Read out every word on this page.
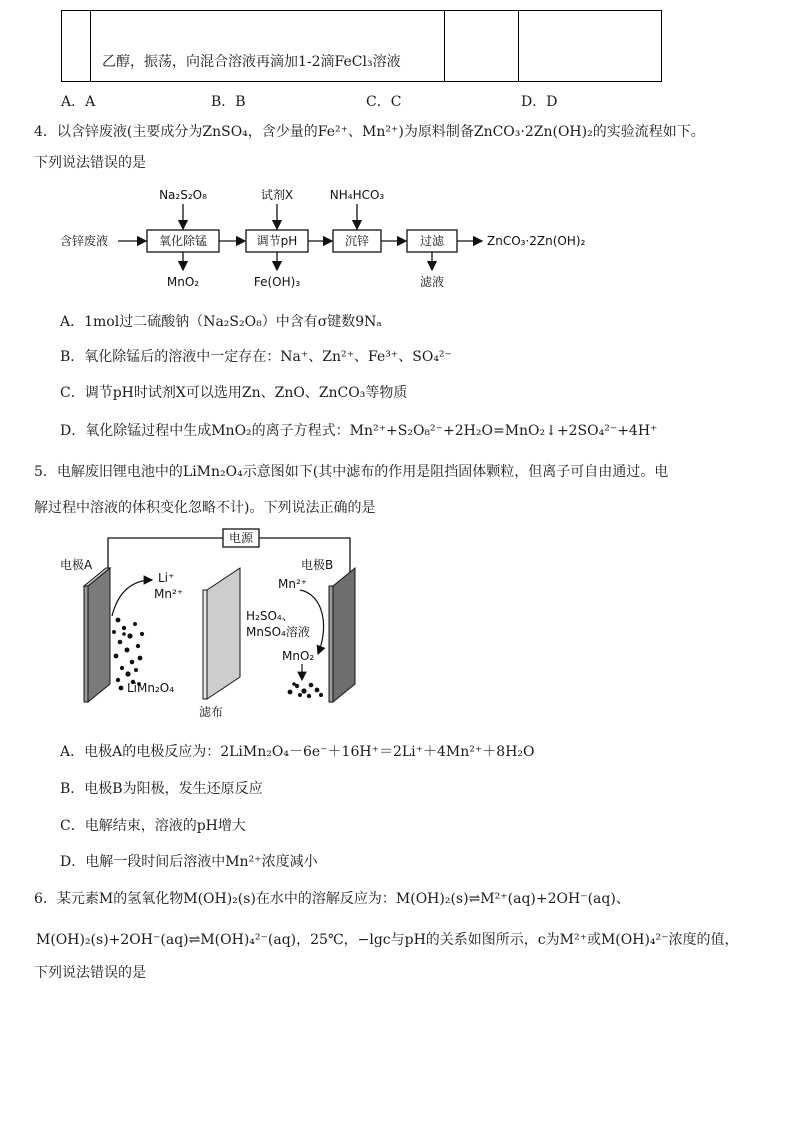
乙醇，振荡，向混合溶液再滴加1-2滴FeCl₃溶液
A．A	B．B	C．C	D．D
4．以含锌废液(主要成分为ZnSO₄，含少量的Fe²⁺、Mn²⁺)为原料制备ZnCO₃·2Zn(OH)₂的实验流程如下。
下列说法错误的是
含锌废液	氧化除锰	调节pH	沉锌	过滤	ZnCO₃·2Zn(OH)₂
Na₂S₂O₈	试剂X	NH₄HCO₃
MnO₂	Fe(OH)₃	滤液
A．1mol过二硫酸钠（Na₂S₂O₈）中含有σ键数9Nₐ
B．氧化除锰后的溶液中一定存在：Na⁺、Zn²⁺、Fe³⁺、SO₄²⁻
C．调节pH时试剂X可以选用Zn、ZnO、ZnCO₃等物质
D．氧化除锰过程中生成MnO₂的离子方程式：Mn²⁺+S₂O₈²⁻+2H₂O=MnO₂↓+2SO₄²⁻+4H⁺
5．电解废旧锂电池中的LiMn₂O₄示意图如下(其中滤布的作用是阻挡固体颗粒，但离子可自由通过。电
解过程中溶液的体积变化忽略不计)。下列说法正确的是
电源
电极A	电极B
Li⁺
Mn²⁺
Mn²⁺
H₂SO₄、
MnSO₄溶液
MnO₂
LiMn₂O₄
滤布
A．电极A的电极反应为：2LiMn₂O₄－6e⁻＋16H⁺＝2Li⁺＋4Mn²⁺＋8H₂O
B．电极B为阳极，发生还原反应
C．电解结束，溶液的pH增大
D．电解一段时间后溶液中Mn²⁺浓度减小
6．某元素M的氢氧化物M(OH)₂(s)在水中的溶解反应为：M(OH)₂(s)⇌M²⁺(aq)+2OH⁻(aq)、
M(OH)₂(s)+2OH⁻(aq)⇌M(OH)₄²⁻(aq)，25℃，−lgc与pH的关系如图所示，c为M²⁺或M(OH)₄²⁻浓度的值，
下列说法错误的是
